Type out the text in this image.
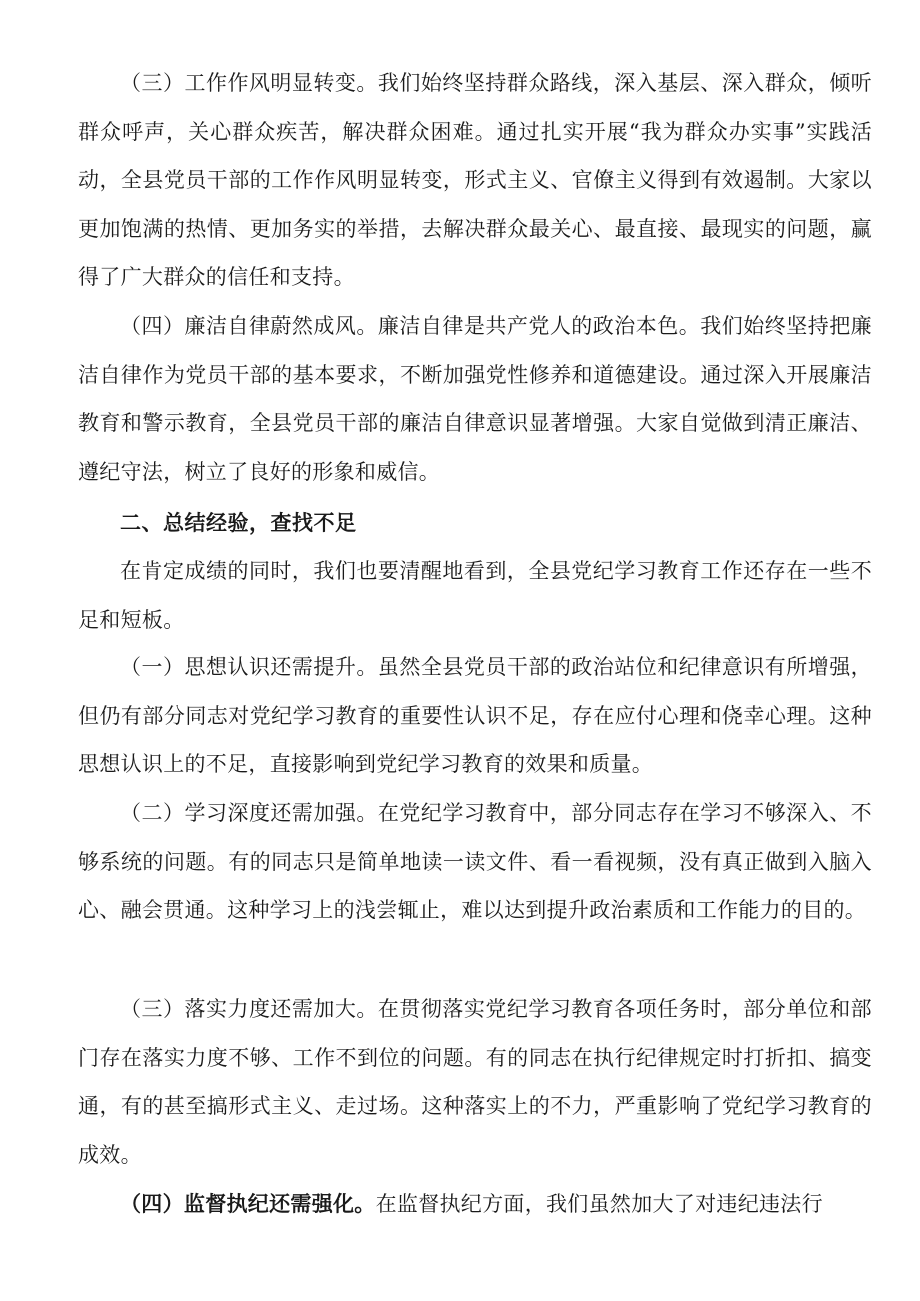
（三）工作作风明显转变。我们始终坚持群众路线，深入基层、深入群众，倾听群众呼声，关心群众疾苦，解决群众困难。通过扎实开展“我为群众办实事”实践活动，全县党员干部的工作作风明显转变，形式主义、官僚主义得到有效遏制。大家以更加饱满的热情、更加务实的举措，去解决群众最关心、最直接、最现实的问题，赢得了广大群众的信任和支持。

（四）廉洁自律蔚然成风。廉洁自律是共产党人的政治本色。我们始终坚持把廉洁自律作为党员干部的基本要求，不断加强党性修养和道德建设。通过深入开展廉洁教育和警示教育，全县党员干部的廉洁自律意识显著增强。大家自觉做到清正廉洁、遵纪守法，树立了良好的形象和威信。

二、总结经验，查找不足

在肯定成绩的同时，我们也要清醒地看到，全县党纪学习教育工作还存在一些不足和短板。

（一）思想认识还需提升。虽然全县党员干部的政治站位和纪律意识有所增强，但仍有部分同志对党纪学习教育的重要性认识不足，存在应付心理和侥幸心理。这种思想认识上的不足，直接影响到党纪学习教育的效果和质量。

（二）学习深度还需加强。在党纪学习教育中，部分同志存在学习不够深入、不够系统的问题。有的同志只是简单地读一读文件、看一看视频，没有真正做到入脑入心、融会贯通。这种学习上的浅尝辄止，难以达到提升政治素质和工作能力的目的。

（三）落实力度还需加大。在贯彻落实党纪学习教育各项任务时，部分单位和部门存在落实力度不够、工作不到位的问题。有的同志在执行纪律规定时打折扣、搞变通，有的甚至搞形式主义、走过场。这种落实上的不力，严重影响了党纪学习教育的成效。

（四）监督执纪还需强化。在监督执纪方面，我们虽然加大了对违纪违法行
